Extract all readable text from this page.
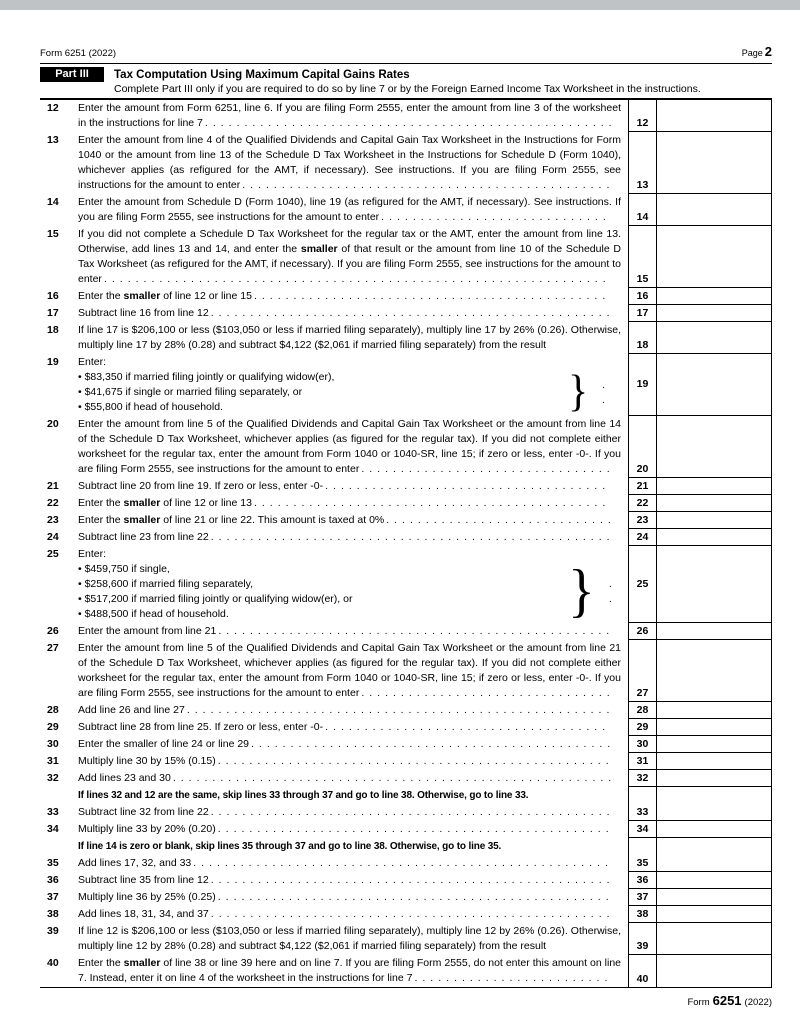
Form 6251 (2022)	Page 2
Part III	Tax Computation Using Maximum Capital Gains Rates
Complete Part III only if you are required to do so by line 7 or by the Foreign Earned Income Tax Worksheet in the instructions.
12	Enter the amount from Form 6251, line 6. If you are filing Form 2555, enter the amount from line 3 of the worksheet in the instructions for line 7 ....................................................	12
13	Enter the amount from line 4 of the Qualified Dividends and Capital Gain Tax Worksheet in the Instructions for Form 1040 or the amount from line 13 of the Schedule D Tax Worksheet in the Instructions for Schedule D (Form 1040), whichever applies (as refigured for the AMT, if necessary). See instructions. If you are filing Form 2555, see instructions for the amount to enter ...............................................	13
14	Enter the amount from Schedule D (Form 1040), line 19 (as refigured for the AMT, if necessary). See instructions. If you are filing Form 2555, see instructions for the amount to enter .............................	14
15	If you did not complete a Schedule D Tax Worksheet for the regular tax or the AMT, enter the amount from line 13. Otherwise, add lines 13 and 14, and enter the smaller of that result or the amount from line 10 of the Schedule D Tax Worksheet (as refigured for the AMT, if necessary). If you are filing Form 2555, see instructions for the amount to enter ................................................................	15
16	Enter the smaller of line 12 or line 15 .............................................	16
17	Subtract line 16 from line 12 ...................................................	17
18	If line 17 is $206,100 or less ($103,050 or less if married filing separately), multiply line 17 by 26% (0.26). Otherwise, multiply line 17 by 28% (0.28) and subtract $4,122 ($2,061 if married filing separately) from the result	18
19	Enter:
• $83,350 if married filing jointly or qualifying widow(er),
• $41,675 if single or married filing separately, or
• $55,800 if head of household.	} . .
19
20	Enter the amount from line 5 of the Qualified Dividends and Capital Gain Tax Worksheet or the amount from line 14 of the Schedule D Tax Worksheet, whichever applies (as figured for the regular tax). If you did not complete either worksheet for the regular tax, enter the amount from Form 1040 or 1040-SR, line 15; if zero or less, enter -0-. If you are filing Form 2555, see instructions for the amount to enter ................................	20
21	Subtract line 20 from line 19. If zero or less, enter -0- ....................................	21
22	Enter the smaller of line 12 or line 13 .............................................	22
23	Enter the smaller of line 21 or line 22. This amount is taxed at 0% .............................	23
24	Subtract line 23 from line 22 ...................................................	24
25	Enter:
• $459,750 if single,
• $258,600 if married filing separately,
• $517,200 if married filing jointly or qualifying widow(er), or
• $488,500 if head of household.	} . .
25
26	Enter the amount from line 21 ..................................................	26
27	Enter the amount from line 5 of the Qualified Dividends and Capital Gain Tax Worksheet or the amount from line 21 of the Schedule D Tax Worksheet, whichever applies (as figured for the regular tax). If you did not complete either worksheet for the regular tax, enter the amount from Form 1040 or 1040-SR, line 15; if zero or less, enter -0-. If you are filing Form 2555, see instructions for the amount to enter ................................	27
28	Add line 26 and line 27 ......................................................	28
29	Subtract line 28 from line 25. If zero or less, enter -0- ....................................	29
30	Enter the smaller of line 24 or line 29 ..............................................	30
31	Multiply line 30 by 15% (0.15) ..................................................	31
32	Add lines 23 and 30 ........................................................	32
If lines 32 and 12 are the same, skip lines 33 through 37 and go to line 38. Otherwise, go to line 33.
33	Subtract line 32 from line 22 ...................................................	33
34	Multiply line 33 by 20% (0.20) ..................................................	34
If line 14 is zero or blank, skip lines 35 through 37 and go to line 38. Otherwise, go to line 35.
35	Add lines 17, 32, and 33 .....................................................	35
36	Subtract line 35 from line 12 ...................................................	36
37	Multiply line 36 by 25% (0.25) ..................................................	37
38	Add lines 18, 31, 34, and 37 ...................................................	38
39	If line 12 is $206,100 or less ($103,050 or less if married filing separately), multiply line 12 by 26% (0.26). Otherwise, multiply line 12 by 28% (0.28) and subtract $4,122 ($2,061 if married filing separately) from the result	39
40	Enter the smaller of line 38 or line 39 here and on line 7. If you are filing Form 2555, do not enter this amount on line 7. Instead, enter it on line 4 of the worksheet in the instructions for line 7 .........................	40
Form 6251 (2022)
